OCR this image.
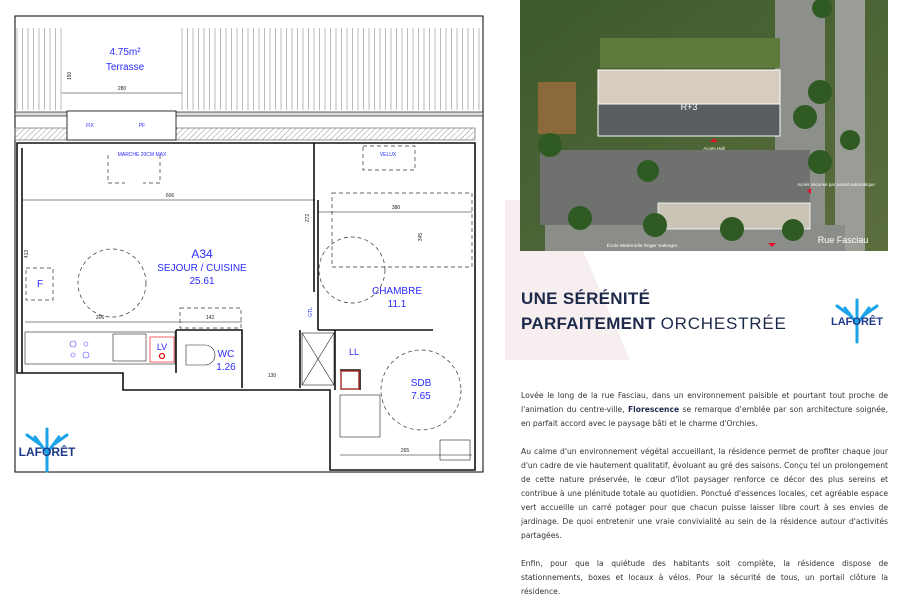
4.75m²
Terrasse
A34
SEJOUR / CUISINE
25.61
CHAMBRE
11.1
WC
1.26
SDB
7.65
F
LV	LL
GTL
FIX	PF
MARCHE 20CM MAX	VELUX
280
150
606
413
206	142
130
380
272
345
265
LAFORÊT
R+3
Accès Hall
Accès sécurisé par portail automatique
École Maternelle Roger Salengro
Rue Fasciau
UNE SÉRÉNITÉ
PARFAITEMENT ORCHESTRÉE	LAFORÊT

Lovée le long de la rue Fasciau, dans un environnement paisible et pourtant tout proche de l'animation du centre-ville, Florescence se remarque d'emblée par son architecture soignée, en parfait accord avec le paysage bâti et le charme d'Orchies.

Au calme d'un environnement végétal accueillant, la résidence permet de profiter chaque jour d'un cadre de vie hautement qualitatif, évoluant au gré des saisons. Conçu tel un prolongement de cette nature préservée, le cœur d'îlot paysager renforce ce décor des plus sereins et contribue à une plénitude totale au quotidien. Ponctué d'essences locales, cet agréable espace vert accueille un carré potager pour que chacun puisse laisser libre court à ses envies de jardinage. De quoi entretenir une vraie convivialité au sein de la résidence autour d'activités partagées.

Enfin, pour que la quiétude des habitants soit complète, la résidence dispose de stationnements, boxes et locaux à vélos. Pour la sécurité de tous, un portail clôture la résidence.
